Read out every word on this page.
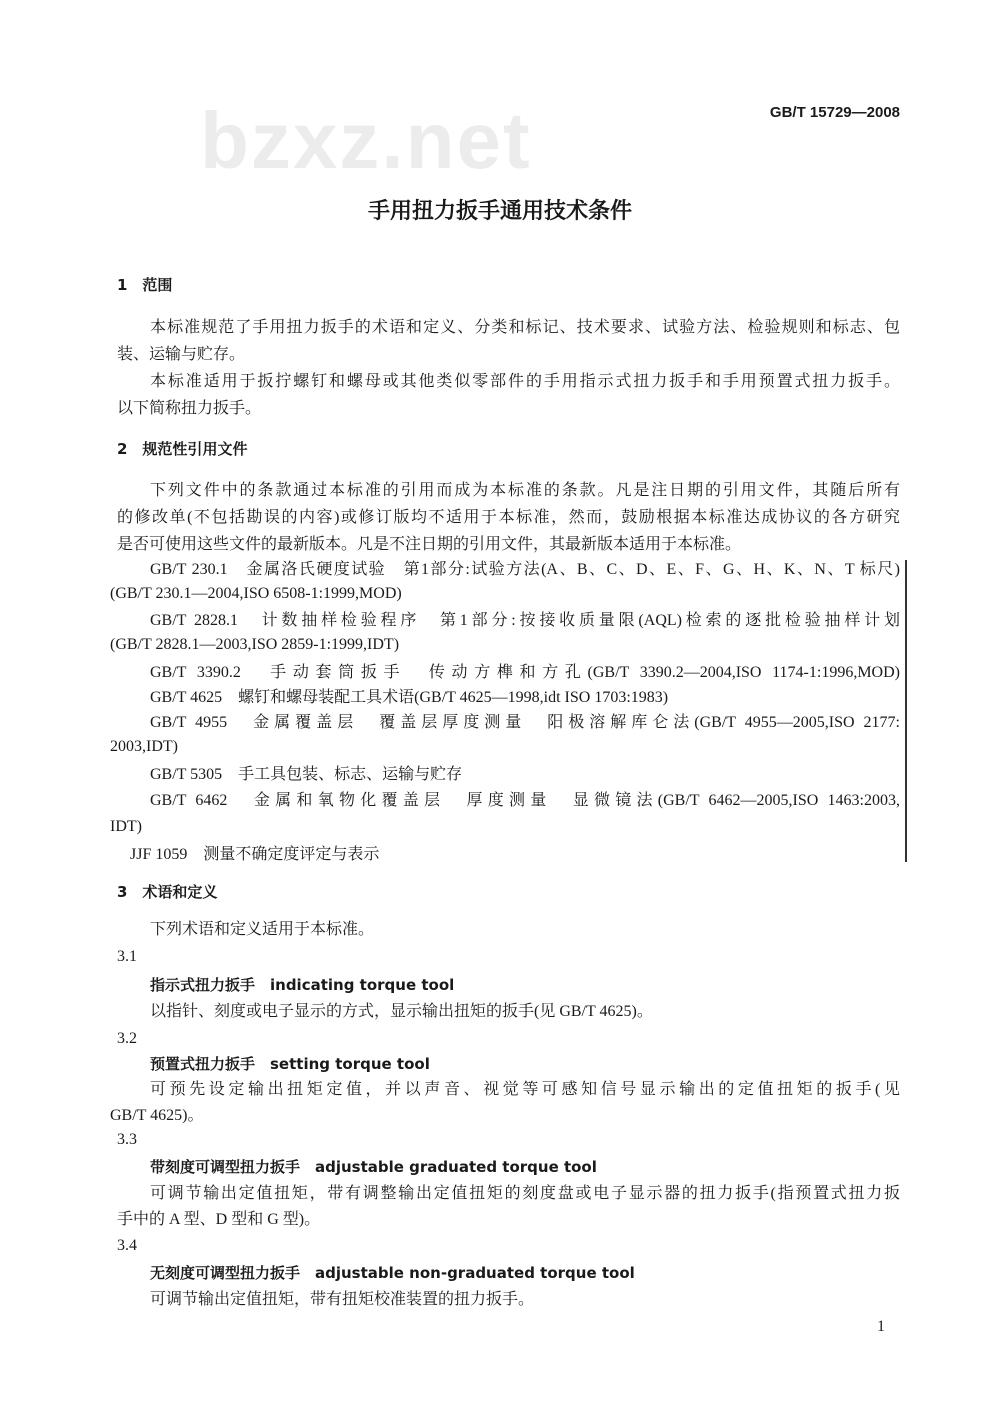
bzxz.net	GB/T 15729—2008
手用扭力扳手通用技术条件
1　范围
本标准规范了手用扭力扳手的术语和定义、分类和标记、技术要求、试验方法、检验规则和标志、包
装、运输与贮存。
本标准适用于扳拧螺钉和螺母或其他类似零部件的手用指示式扭力扳手和手用预置式扭力扳手。
以下简称扭力扳手。
2　规范性引用文件
下列文件中的条款通过本标准的引用而成为本标准的条款。凡是注日期的引用文件，其随后所有
的修改单(不包括勘误的内容)或修订版均不适用于本标准，然而，鼓励根据本标准达成协议的各方研究
是否可使用这些文件的最新版本。凡是不注日期的引用文件，其最新版本适用于本标准。
GB/T 230.1　金属洛氏硬度试验　第1部分:试验方法(A、B、C、D、E、F、G、H、K、N、T 标尺)
(GB/T 230.1—2004,ISO 6508-1:1999,MOD)
GB/T 2828.1　计数抽样检验程序　第1部分:按接收质量限(AQL)检索的逐批检验抽样计划
(GB/T 2828.1—2003,ISO 2859-1:1999,IDT)
GB/T 3390.2　手动套筒扳手　传动方榫和方孔(GB/T 3390.2—2004,ISO 1174-1:1996,MOD)
GB/T 4625　螺钉和螺母装配工具术语(GB/T 4625—1998,idt ISO 1703:1983)
GB/T 4955　金属覆盖层　覆盖层厚度测量　阳极溶解库仑法(GB/T 4955—2005,ISO 2177:
2003,IDT)
GB/T 5305　手工具包装、标志、运输与贮存
GB/T 6462　金属和氧物化覆盖层　厚度测量　显微镜法(GB/T 6462—2005,ISO 1463:2003,
IDT)
JJF 1059　测量不确定度评定与表示
3　术语和定义
下列术语和定义适用于本标准。
3.1
指示式扭力扳手　indicating torque tool
以指针、刻度或电子显示的方式，显示输出扭矩的扳手(见 GB/T 4625)。
3.2
预置式扭力扳手　setting torque tool
可预先设定输出扭矩定值，并以声音、视觉等可感知信号显示输出的定值扭矩的扳手(见
GB/T 4625)。
3.3
带刻度可调型扭力扳手　adjustable graduated torque tool
可调节输出定值扭矩，带有调整输出定值扭矩的刻度盘或电子显示器的扭力扳手(指预置式扭力扳
手中的 A 型、D 型和 G 型)。
3.4
无刻度可调型扭力扳手　adjustable non-graduated torque tool
可调节输出定值扭矩，带有扭矩校准装置的扭力扳手。
1
